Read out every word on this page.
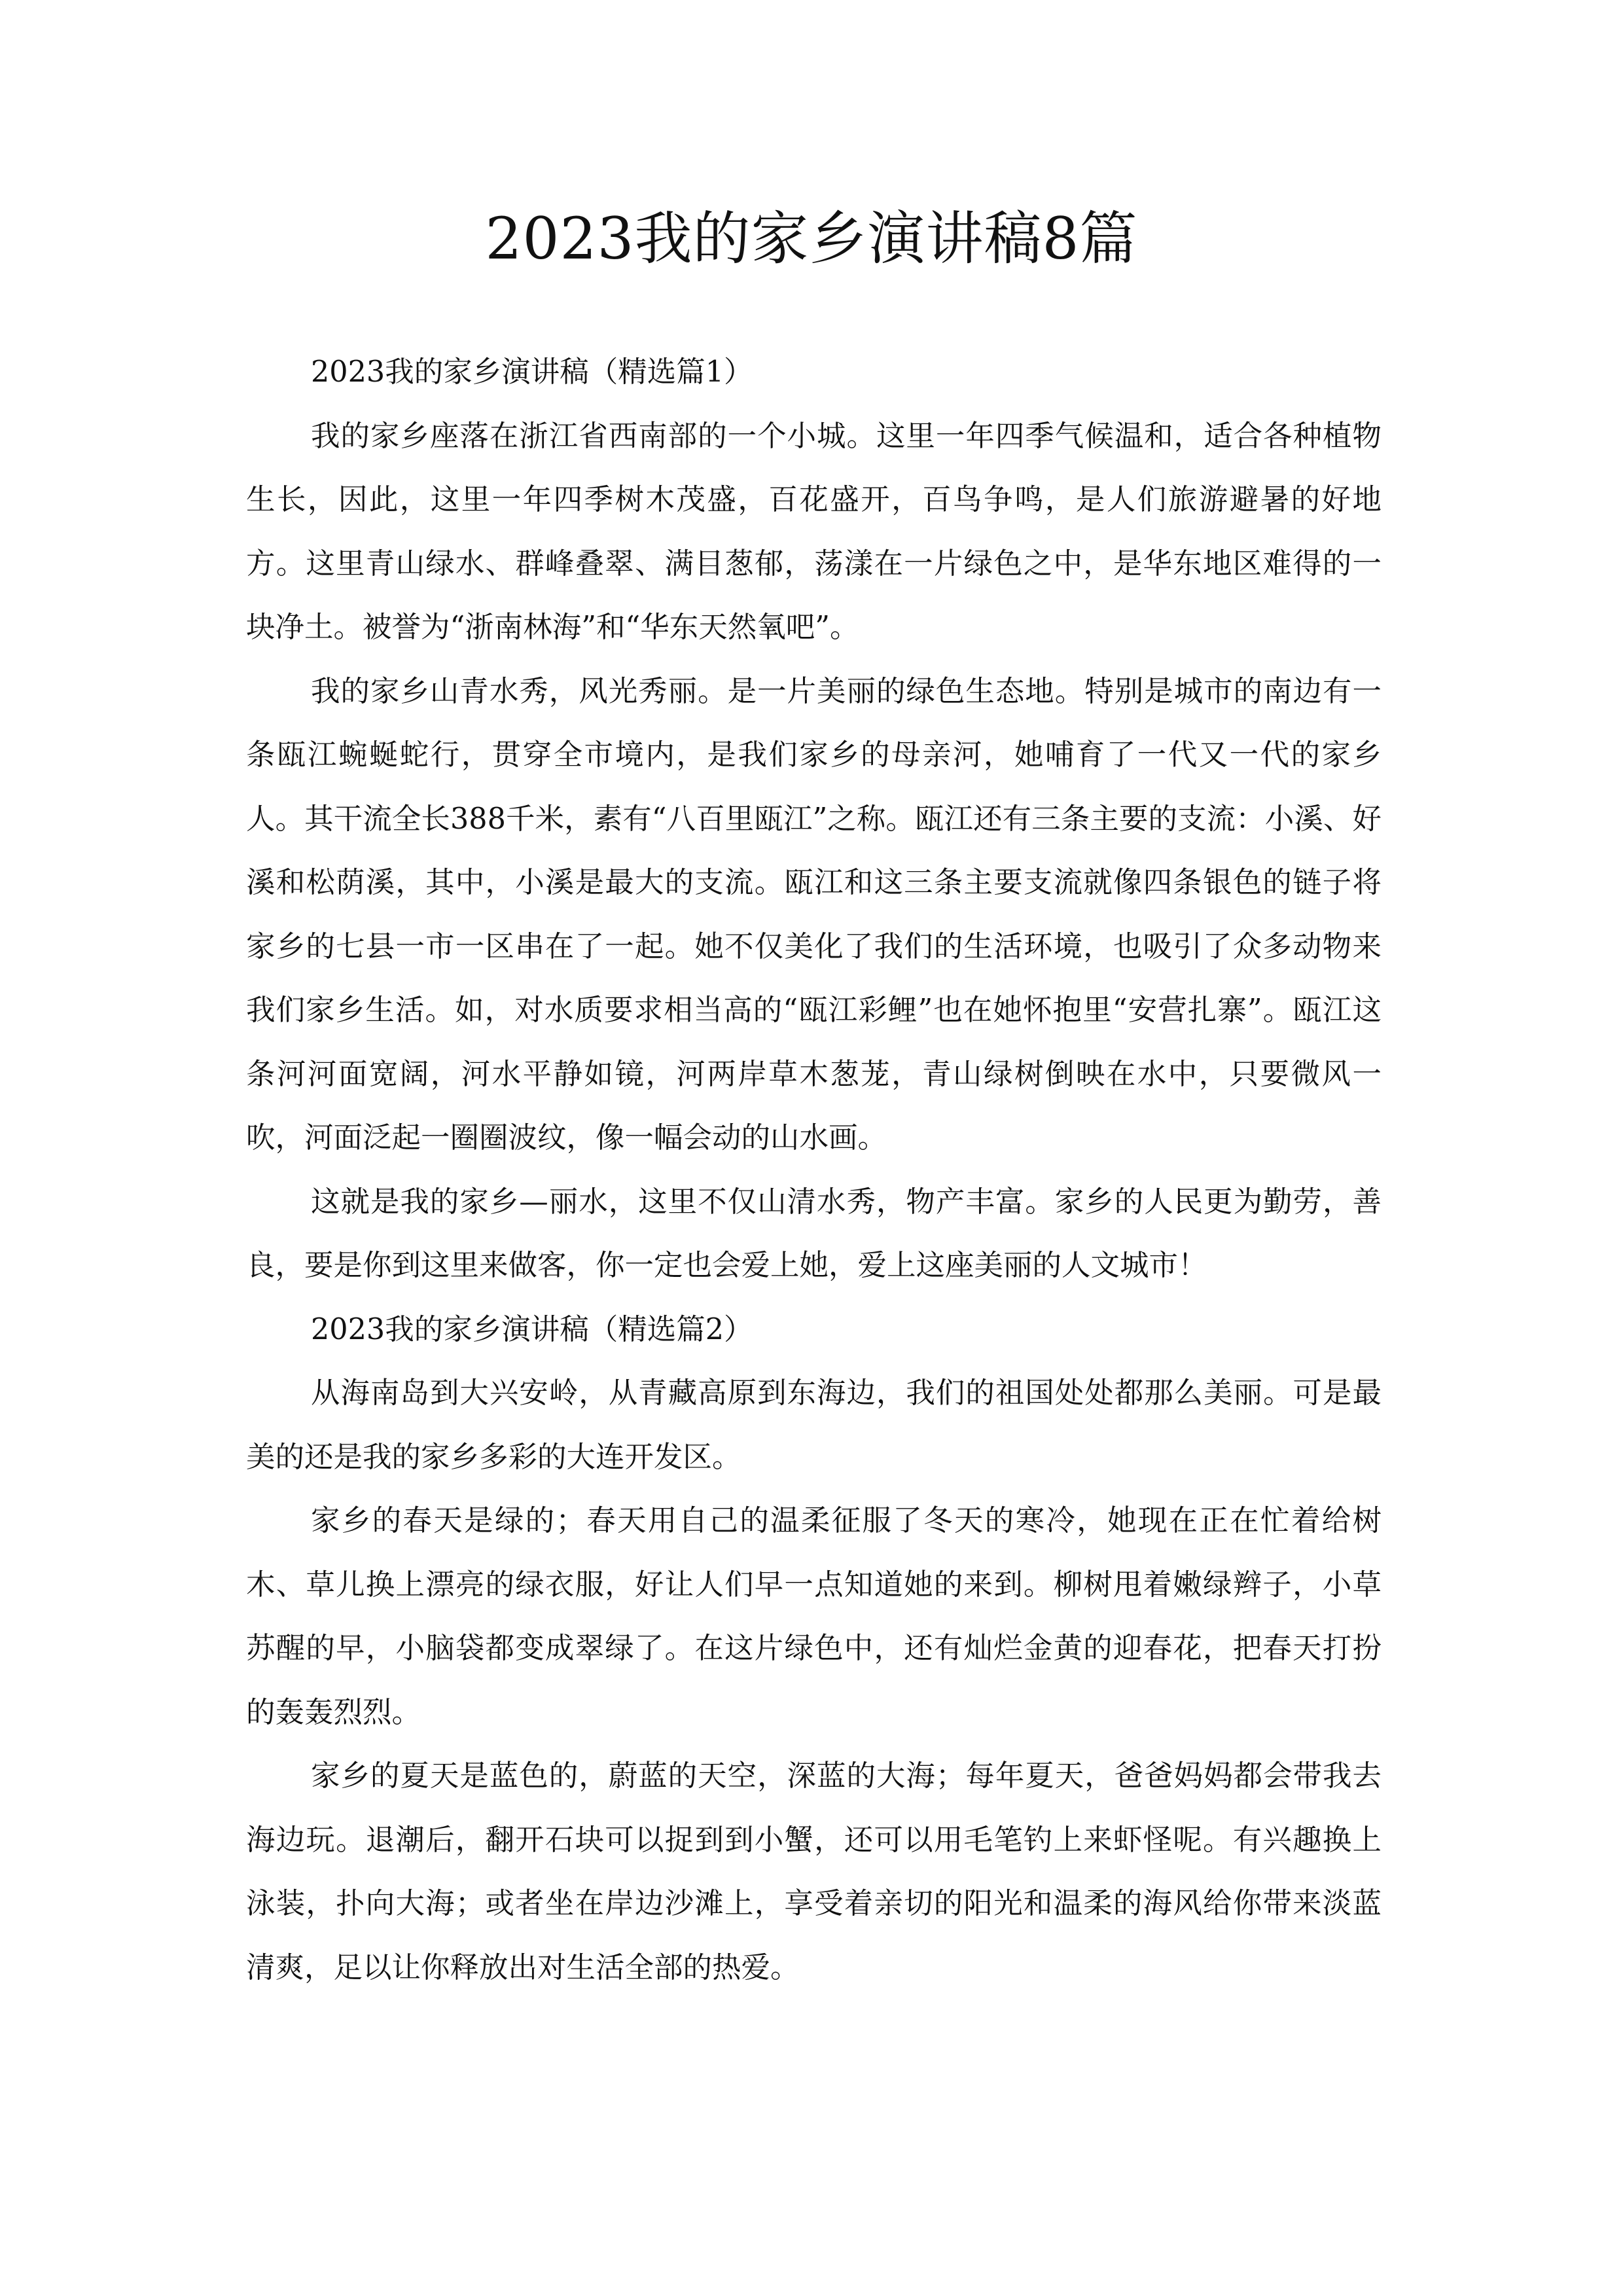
2023我的家乡演讲稿8篇

2023我的家乡演讲稿（精选篇1）

我的家乡座落在浙江省西南部的一个小城。这里一年四季气候温和，适合各种植物生长，因此，这里一年四季树木茂盛，百花盛开，百鸟争鸣，是人们旅游避暑的好地方。这里青山绿水、群峰叠翠、满目葱郁，荡漾在一片绿色之中，是华东地区难得的一块净土。被誉为“浙南林海”和“华东天然氧吧”。

我的家乡山青水秀，风光秀丽。是一片美丽的绿色生态地。特别是城市的南边有一条瓯江蜿蜒蛇行，贯穿全市境内，是我们家乡的母亲河，她哺育了一代又一代的家乡人。其干流全长388千米，素有“八百里瓯江”之称。瓯江还有三条主要的支流：小溪、好溪和松荫溪，其中，小溪是最大的支流。瓯江和这三条主要支流就像四条银色的链子将家乡的七县一市一区串在了一起。她不仅美化了我们的生活环境，也吸引了众多动物来我们家乡生活。如，对水质要求相当高的“瓯江彩鲤”也在她怀抱里“安营扎寨”。瓯江这条河河面宽阔，河水平静如镜，河两岸草木葱茏，青山绿树倒映在水中，只要微风一吹，河面泛起一圈圈波纹，像一幅会动的山水画。

这就是我的家乡—丽水，这里不仅山清水秀，物产丰富。家乡的人民更为勤劳，善良，要是你到这里来做客，你一定也会爱上她，爱上这座美丽的人文城市！

2023我的家乡演讲稿（精选篇2）

从海南岛到大兴安岭，从青藏高原到东海边，我们的祖国处处都那么美丽。可是最美的还是我的家乡多彩的大连开发区。

家乡的春天是绿的；春天用自己的温柔征服了冬天的寒冷，她现在正在忙着给树木、草儿换上漂亮的绿衣服，好让人们早一点知道她的来到。柳树甩着嫩绿辫子，小草苏醒的早，小脑袋都变成翠绿了。在这片绿色中，还有灿烂金黄的迎春花，把春天打扮的轰轰烈烈。

家乡的夏天是蓝色的，蔚蓝的天空，深蓝的大海；每年夏天，爸爸妈妈都会带我去海边玩。退潮后，翻开石块可以捉到到小蟹，还可以用毛笔钓上来虾怪呢。有兴趣换上泳装，扑向大海；或者坐在岸边沙滩上，享受着亲切的阳光和温柔的海风给你带来淡蓝清爽，足以让你释放出对生活全部的热爱。
